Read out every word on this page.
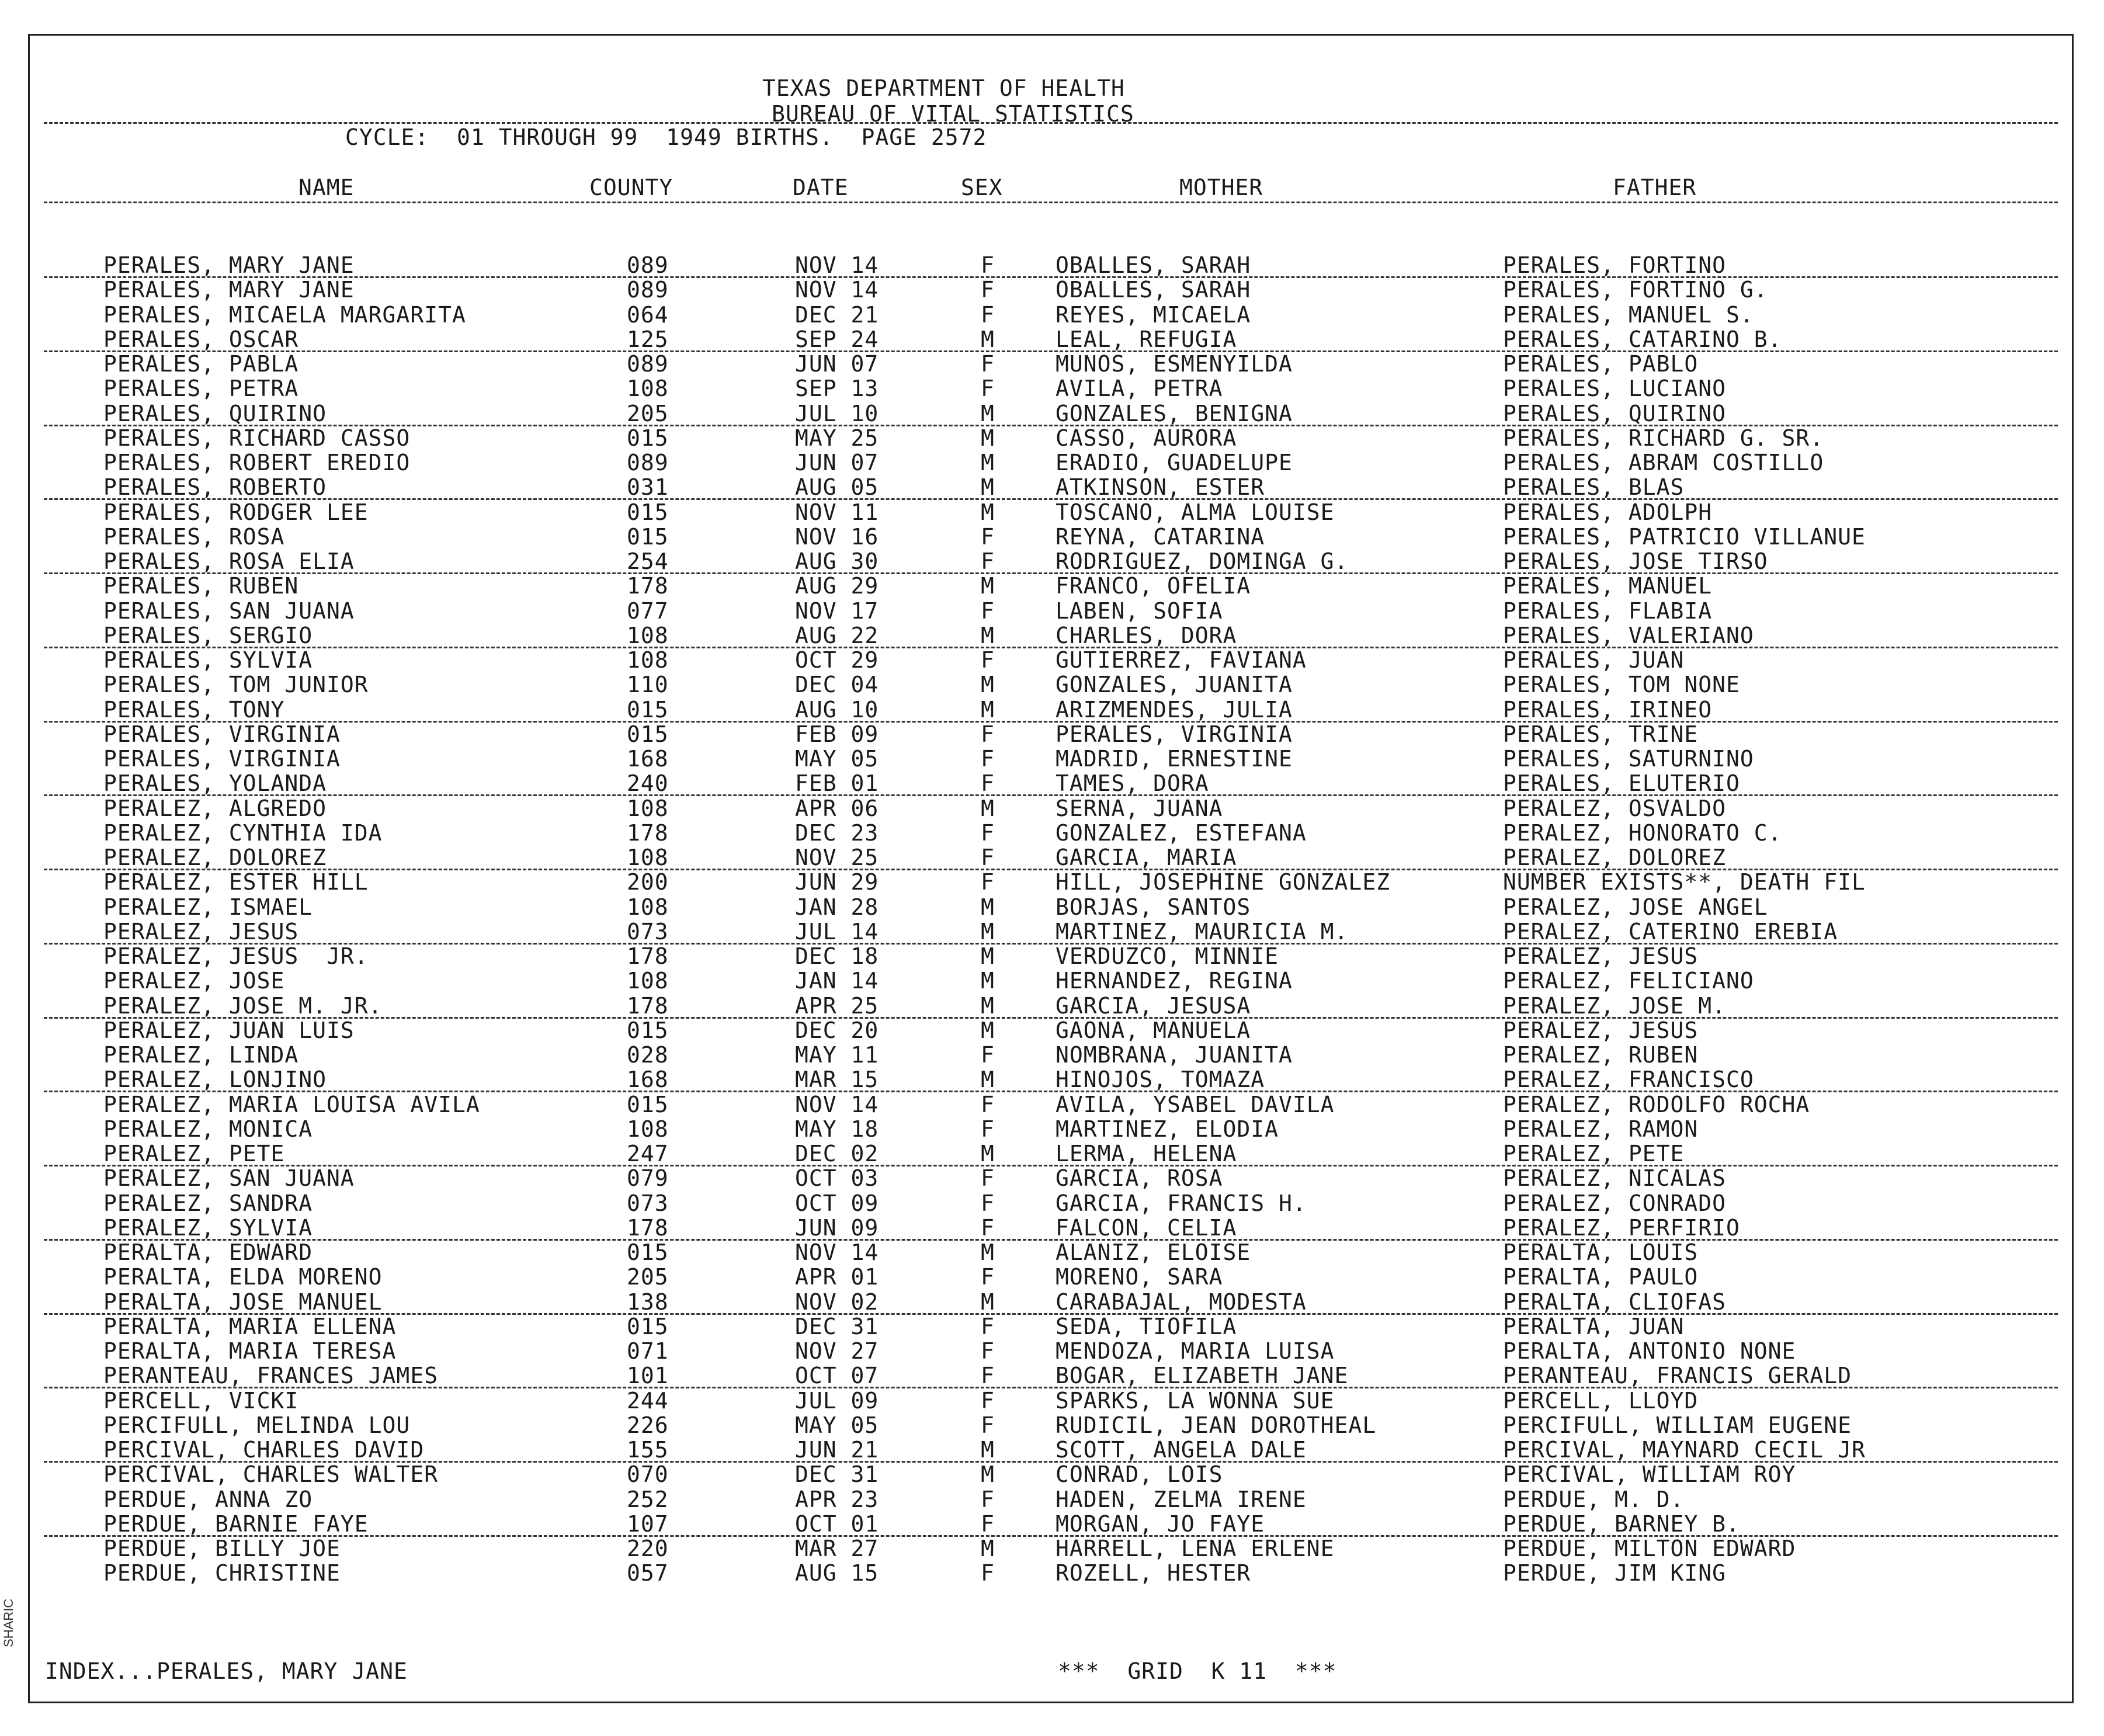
TEXAS DEPARTMENT OF HEALTH
BUREAU OF VITAL STATISTICS
CYCLE:  01 THROUGH 99  1949 BIRTHS.  PAGE 2572
NAME	COUNTY	DATE	SEX	MOTHER	FATHER
PERALES, MARY JANE	089	NOV 14	F	OBALLES, SARAH	PERALES, FORTINO
PERALES, MARY JANE	089	NOV 14	F	OBALLES, SARAH	PERALES, FORTINO G.
PERALES, MICAELA MARGARITA	064	DEC 21	F	REYES, MICAELA	PERALES, MANUEL S.
PERALES, OSCAR	125	SEP 24	M	LEAL, REFUGIA	PERALES, CATARINO B.
PERALES, PABLA	089	JUN 07	F	MUNOS, ESMENYILDA	PERALES, PABLO
PERALES, PETRA	108	SEP 13	F	AVILA, PETRA	PERALES, LUCIANO
PERALES, QUIRINO	205	JUL 10	M	GONZALES, BENIGNA	PERALES, QUIRINO
PERALES, RICHARD CASSO	015	MAY 25	M	CASSO, AURORA	PERALES, RICHARD G. SR.
PERALES, ROBERT EREDIO	089	JUN 07	M	ERADIO, GUADELUPE	PERALES, ABRAM COSTILLO
PERALES, ROBERTO	031	AUG 05	M	ATKINSON, ESTER	PERALES, BLAS
PERALES, RODGER LEE	015	NOV 11	M	TOSCANO, ALMA LOUISE	PERALES, ADOLPH
PERALES, ROSA	015	NOV 16	F	REYNA, CATARINA	PERALES, PATRICIO VILLANUE
PERALES, ROSA ELIA	254	AUG 30	F	RODRIGUEZ, DOMINGA G.	PERALES, JOSE TIRSO
PERALES, RUBEN	178	AUG 29	M	FRANCO, OFELIA	PERALES, MANUEL
PERALES, SAN JUANA	077	NOV 17	F	LABEN, SOFIA	PERALES, FLABIA
PERALES, SERGIO	108	AUG 22	M	CHARLES, DORA	PERALES, VALERIANO
PERALES, SYLVIA	108	OCT 29	F	GUTIERREZ, FAVIANA	PERALES, JUAN
PERALES, TOM JUNIOR	110	DEC 04	M	GONZALES, JUANITA	PERALES, TOM NONE
PERALES, TONY	015	AUG 10	M	ARIZMENDES, JULIA	PERALES, IRINEO
PERALES, VIRGINIA	015	FEB 09	F	PERALES, VIRGINIA	PERALES, TRINE
PERALES, VIRGINIA	168	MAY 05	F	MADRID, ERNESTINE	PERALES, SATURNINO
PERALES, YOLANDA	240	FEB 01	F	TAMES, DORA	PERALES, ELUTERIO
PERALEZ, ALGREDO	108	APR 06	M	SERNA, JUANA	PERALEZ, OSVALDO
PERALEZ, CYNTHIA IDA	178	DEC 23	F	GONZALEZ, ESTEFANA	PERALEZ, HONORATO C.
PERALEZ, DOLOREZ	108	NOV 25	F	GARCIA, MARIA	PERALEZ, DOLOREZ
PERALEZ, ESTER HILL	200	JUN 29	F	HILL, JOSEPHINE GONZALEZ	NUMBER EXISTS**, DEATH FIL
PERALEZ, ISMAEL	108	JAN 28	M	BORJAS, SANTOS	PERALEZ, JOSE ANGEL
PERALEZ, JESUS	073	JUL 14	M	MARTINEZ, MAURICIA M.	PERALEZ, CATERINO EREBIA
PERALEZ, JESUS  JR.	178	DEC 18	M	VERDUZCO, MINNIE	PERALEZ, JESUS
PERALEZ, JOSE	108	JAN 14	M	HERNANDEZ, REGINA	PERALEZ, FELICIANO
PERALEZ, JOSE M. JR.	178	APR 25	M	GARCIA, JESUSA	PERALEZ, JOSE M.
PERALEZ, JUAN LUIS	015	DEC 20	M	GAONA, MANUELA	PERALEZ, JESUS
PERALEZ, LINDA	028	MAY 11	F	NOMBRANA, JUANITA	PERALEZ, RUBEN
PERALEZ, LONJINO	168	MAR 15	M	HINOJOS, TOMAZA	PERALEZ, FRANCISCO
PERALEZ, MARIA LOUISA AVILA	015	NOV 14	F	AVILA, YSABEL DAVILA	PERALEZ, RODOLFO ROCHA
PERALEZ, MONICA	108	MAY 18	F	MARTINEZ, ELODIA	PERALEZ, RAMON
PERALEZ, PETE	247	DEC 02	M	LERMA, HELENA	PERALEZ, PETE
PERALEZ, SAN JUANA	079	OCT 03	F	GARCIA, ROSA	PERALEZ, NICALAS
PERALEZ, SANDRA	073	OCT 09	F	GARCIA, FRANCIS H.	PERALEZ, CONRADO
PERALEZ, SYLVIA	178	JUN 09	F	FALCON, CELIA	PERALEZ, PERFIRIO
PERALTA, EDWARD	015	NOV 14	M	ALANIZ, ELOISE	PERALTA, LOUIS
PERALTA, ELDA MORENO	205	APR 01	F	MORENO, SARA	PERALTA, PAULO
PERALTA, JOSE MANUEL	138	NOV 02	M	CARABAJAL, MODESTA	PERALTA, CLIOFAS
PERALTA, MARIA ELLENA	015	DEC 31	F	SEDA, TIOFILA	PERALTA, JUAN
PERALTA, MARIA TERESA	071	NOV 27	F	MENDOZA, MARIA LUISA	PERALTA, ANTONIO NONE
PERANTEAU, FRANCES JAMES	101	OCT 07	F	BOGAR, ELIZABETH JANE	PERANTEAU, FRANCIS GERALD
PERCELL, VICKI	244	JUL 09	F	SPARKS, LA WONNA SUE	PERCELL, LLOYD
PERCIFULL, MELINDA LOU	226	MAY 05	F	RUDICIL, JEAN DOROTHEAL	PERCIFULL, WILLIAM EUGENE
PERCIVAL, CHARLES DAVID	155	JUN 21	M	SCOTT, ANGELA DALE	PERCIVAL, MAYNARD CECIL JR
PERCIVAL, CHARLES WALTER	070	DEC 31	M	CONRAD, LOIS	PERCIVAL, WILLIAM ROY
PERDUE, ANNA ZO	252	APR 23	F	HADEN, ZELMA IRENE	PERDUE, M. D.
PERDUE, BARNIE FAYE	107	OCT 01	F	MORGAN, JO FAYE	PERDUE, BARNEY B.
PERDUE, BILLY JOE	220	MAR 27	M	HARRELL, LENA ERLENE	PERDUE, MILTON EDWARD
PERDUE, CHRISTINE	057	AUG 15	F	ROZELL, HESTER	PERDUE, JIM KING
INDEX...PERALES, MARY JANE	***  GRID  K 11  ***
SHARIC
